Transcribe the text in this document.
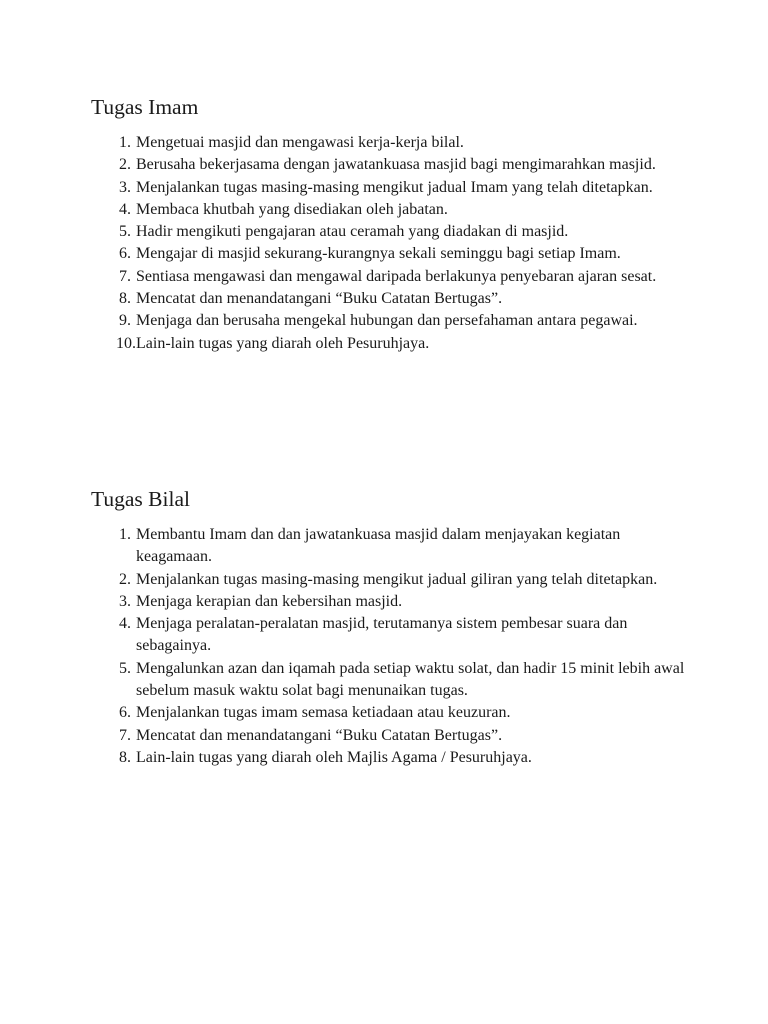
Tugas Imam
1. Mengetuai masjid dan mengawasi kerja-kerja bilal.
2. Berusaha bekerjasama dengan jawatankuasa masjid bagi mengimarahkan masjid.
3. Menjalankan tugas masing-masing mengikut jadual Imam yang telah ditetapkan.
4. Membaca khutbah yang disediakan oleh jabatan.
5. Hadir mengikuti pengajaran atau ceramah yang diadakan di masjid.
6. Mengajar di masjid sekurang-kurangnya sekali seminggu bagi setiap Imam.
7. Sentiasa mengawasi dan mengawal daripada berlakunya penyebaran ajaran sesat.
8. Mencatat dan menandatangani “Buku Catatan Bertugas”.
9. Menjaga dan berusaha mengekal hubungan dan persefahaman antara pegawai.
10. Lain-lain tugas yang diarah oleh Pesuruhjaya.
Tugas Bilal
1. Membantu Imam dan dan jawatankuasa masjid dalam menjayakan kegiatan keagamaan.
2. Menjalankan tugas masing-masing mengikut jadual giliran yang telah ditetapkan.
3. Menjaga kerapian dan kebersihan masjid.
4. Menjaga peralatan-peralatan masjid, terutamanya sistem pembesar suara dan sebagainya.
5. Mengalunkan azan dan iqamah pada setiap waktu solat, dan hadir 15 minit lebih awal sebelum masuk waktu solat bagi menunaikan tugas.
6. Menjalankan tugas imam semasa ketiadaan atau keuzuran.
7. Mencatat dan menandatangani “Buku Catatan Bertugas”.
8. Lain-lain tugas yang diarah oleh Majlis Agama / Pesuruhjaya.
